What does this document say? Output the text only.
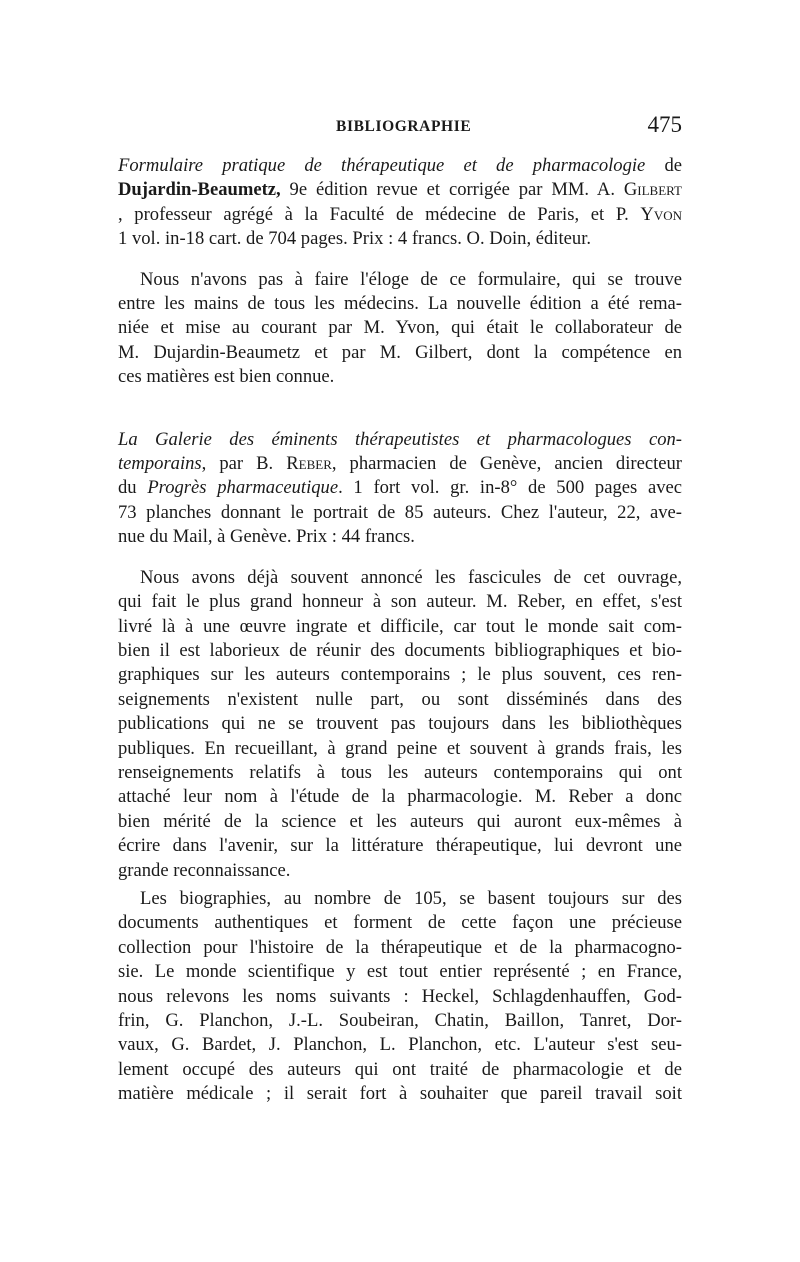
BIBLIOGRAPHIE	475

Formulaire pratique de thérapeutique et de pharmacologie de

Dujardin-Beaumetz, 9e édition revue et corrigée par MM. A. Gilbert

, professeur agrégé à la Faculté de médecine de Paris, et P. Yvon

1 vol. in-18 cart. de 704 pages. Prix : 4 francs. O. Doin, éditeur.

Nous n'avons pas à faire l'éloge de ce formulaire, qui se trouve

entre les mains de tous les médecins. La nouvelle édition a été rema-

niée et mise au courant par M. Yvon, qui était le collaborateur de

M. Dujardin-Beaumetz et par M. Gilbert, dont la compétence en

ces matières est bien connue.

La Galerie des éminents thérapeutistes et pharmacologues con-

temporains, par B. Reber, pharmacien de Genève, ancien directeur

du Progrès pharmaceutique. 1 fort vol. gr. in-8° de 500 pages avec

73 planches donnant le portrait de 85 auteurs. Chez l'auteur, 22, ave-

nue du Mail, à Genève. Prix : 44 francs.

Nous avons déjà souvent annoncé les fascicules de cet ouvrage,

qui fait le plus grand honneur à son auteur. M. Reber, en effet, s'est

livré là à une œuvre ingrate et difficile, car tout le monde sait com-

bien il est laborieux de réunir des documents bibliographiques et bio-

graphiques sur les auteurs contemporains ; le plus souvent, ces ren-

seignements n'existent nulle part, ou sont disséminés dans des

publications qui ne se trouvent pas toujours dans les bibliothèques

publiques. En recueillant, à grand peine et souvent à grands frais, les

renseignements relatifs à tous les auteurs contemporains qui ont

attaché leur nom à l'étude de la pharmacologie. M. Reber a donc

bien mérité de la science et les auteurs qui auront eux-mêmes à

écrire dans l'avenir, sur la littérature thérapeutique, lui devront une

grande reconnaissance.

Les biographies, au nombre de 105, se basent toujours sur des

documents authentiques et forment de cette façon une précieuse

collection pour l'histoire de la thérapeutique et de la pharmacogno-

sie. Le monde scientifique y est tout entier représenté ; en France,

nous relevons les noms suivants : Heckel, Schlagdenhauffen, God-

frin, G. Planchon, J.-L. Soubeiran, Chatin, Baillon, Tanret, Dor-

vaux, G. Bardet, J. Planchon, L. Planchon, etc. L'auteur s'est seu-

lement occupé des auteurs qui ont traité de pharmacologie et de

matière médicale ; il serait fort à souhaiter que pareil travail soit
